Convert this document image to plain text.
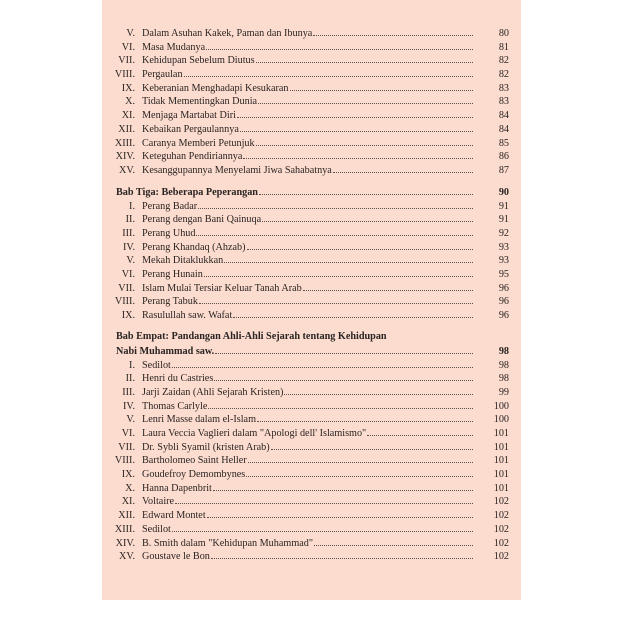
V. Dalam Asuhan Kakek, Paman dan Ibunya	80
VI. Masa Mudanya	81
VII. Kehidupan Sebelum Diutus	82
VIII. Pergaulan	82
IX. Keberanian Menghadapi Kesukaran	83
X. Tidak Mementingkan Dunia	83
XI. Menjaga Martabat Diri	84
XII. Kebaikan Pergaulannya	84
XIII. Caranya Memberi Petunjuk	85
XIV. Keteguhan Pendiriannya	86
XV. Kesanggupannya Menyelami Jiwa Sahabatnya	87
Bab Tiga: Beberapa Peperangan	90
I. Perang Badar	91
II. Perang dengan Bani Qainuqa	91
III. Perang Uhud	92
IV. Perang Khandaq (Ahzab)	93
V. Mekah Ditaklukkan	93
VI. Perang Hunain	95
VII. Islam Mulai Tersiar Keluar Tanah Arab	96
VIII. Perang Tabuk	96
IX. Rasulullah saw. Wafat	96
Bab Empat: Pandangan Ahli-Ahli Sejarah tentang Kehidupan
Nabi Muhammad saw.	98
I. Sedilot	98
II. Henri du Castries	98
III. Jarji Zaidan (Ahli Sejarah Kristen)	99
IV. Thomas Carlyle	100
V. Lenri Masse dalam el-Islam	100
VI. Laura Veccia Vaglieri dalam "Apologi dell' Islamismo"	101
VII. Dr. Sybli Syamil (kristen Arab)	101
VIII. Bartholomeo Saint Heller	101
IX. Goudefroy Demombynes	101
X. Hanna Dapenbrit	101
XI. Voltaire	102
XII. Edward Montet	102
XIII. Sedilot	102
XIV. B. Smith dalam "Kehidupan Muhammad"	102
XV. Goustave le Bon	102
